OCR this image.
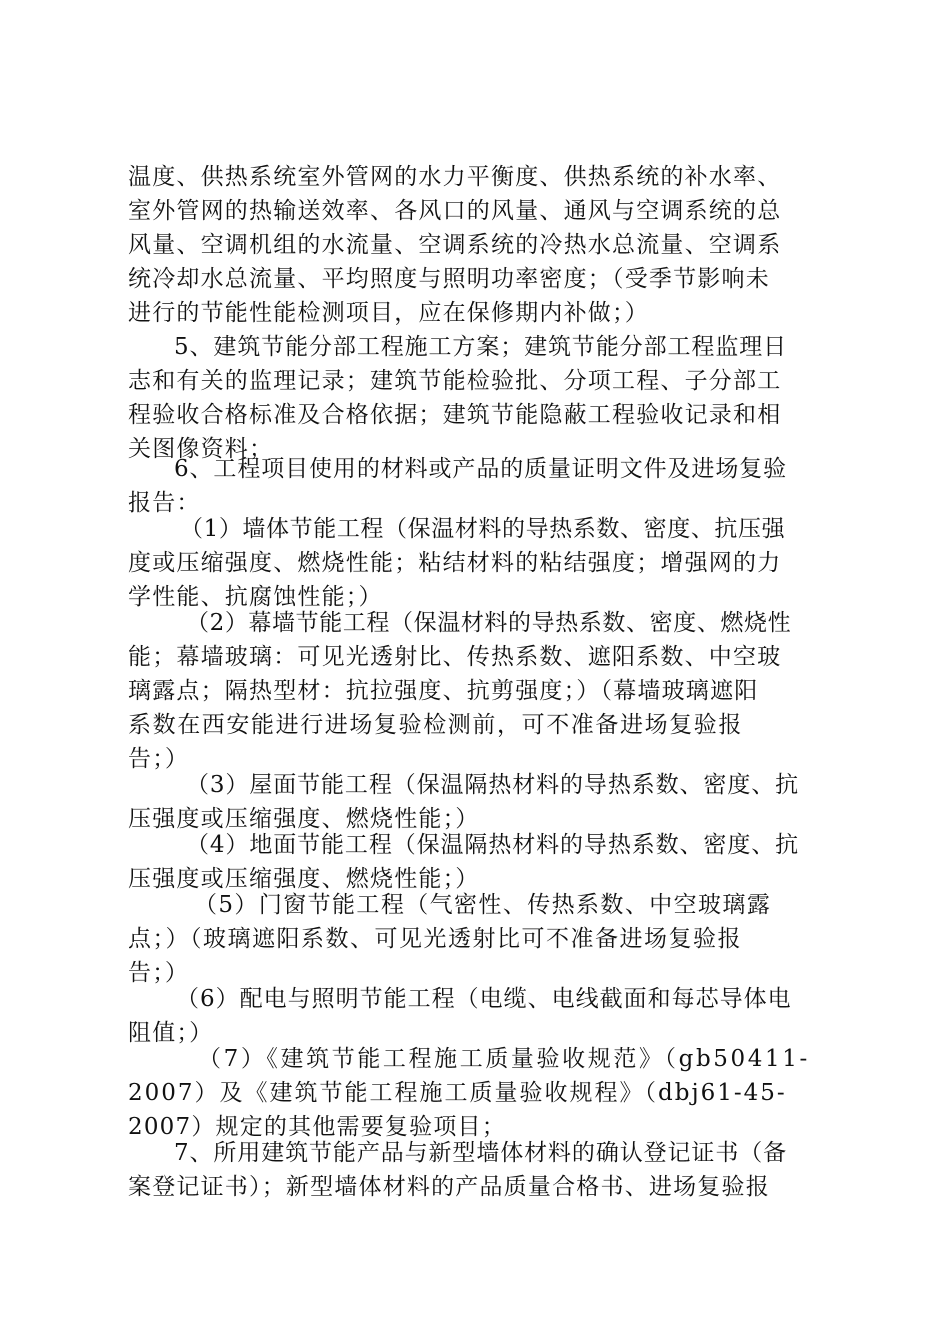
温度、供热系统室外管网的水力平衡度、供热系统的补水率、
室外管网的热输送效率、各风口的风量、通风与空调系统的总
风量、空调机组的水流量、空调系统的冷热水总流量、空调系
统冷却水总流量、平均照度与照明功率密度；（受季节影响未
进行的节能性能检测项目，应在保修期内补做；）
5、建筑节能分部工程施工方案；建筑节能分部工程监理日
志和有关的监理记录；建筑节能检验批、分项工程、子分部工
程验收合格标准及合格依据；建筑节能隐蔽工程验收记录和相
关图像资料；
6、工程项目使用的材料或产品的质量证明文件及进场复验
报告：
（1）墙体节能工程（保温材料的导热系数、密度、抗压强
度或压缩强度、燃烧性能；粘结材料的粘结强度；增强网的力
学性能、抗腐蚀性能；）
（2）幕墙节能工程（保温材料的导热系数、密度、燃烧性
能；幕墙玻璃：可见光透射比、传热系数、遮阳系数、中空玻
璃露点；隔热型材：抗拉强度、抗剪强度；）（幕墙玻璃遮阳
系数在西安能进行进场复验检测前，可不准备进场复验报
告；）
（3）屋面节能工程（保温隔热材料的导热系数、密度、抗
压强度或压缩强度、燃烧性能；）
（4）地面节能工程（保温隔热材料的导热系数、密度、抗
压强度或压缩强度、燃烧性能；）
（5）门窗节能工程（气密性、传热系数、中空玻璃露
点；）（玻璃遮阳系数、可见光透射比可不准备进场复验报
告；）
（6）配电与照明节能工程（电缆、电线截面和每芯导体电
阻值；）
（7）《建筑节能工程施工质量验收规范》（gb50411-
2007）及《建筑节能工程施工质量验收规程》（dbj61-45-
2007）规定的其他需要复验项目；
7、所用建筑节能产品与新型墙体材料的确认登记证书（备
案登记证书）；新型墙体材料的产品质量合格书、进场复验报
